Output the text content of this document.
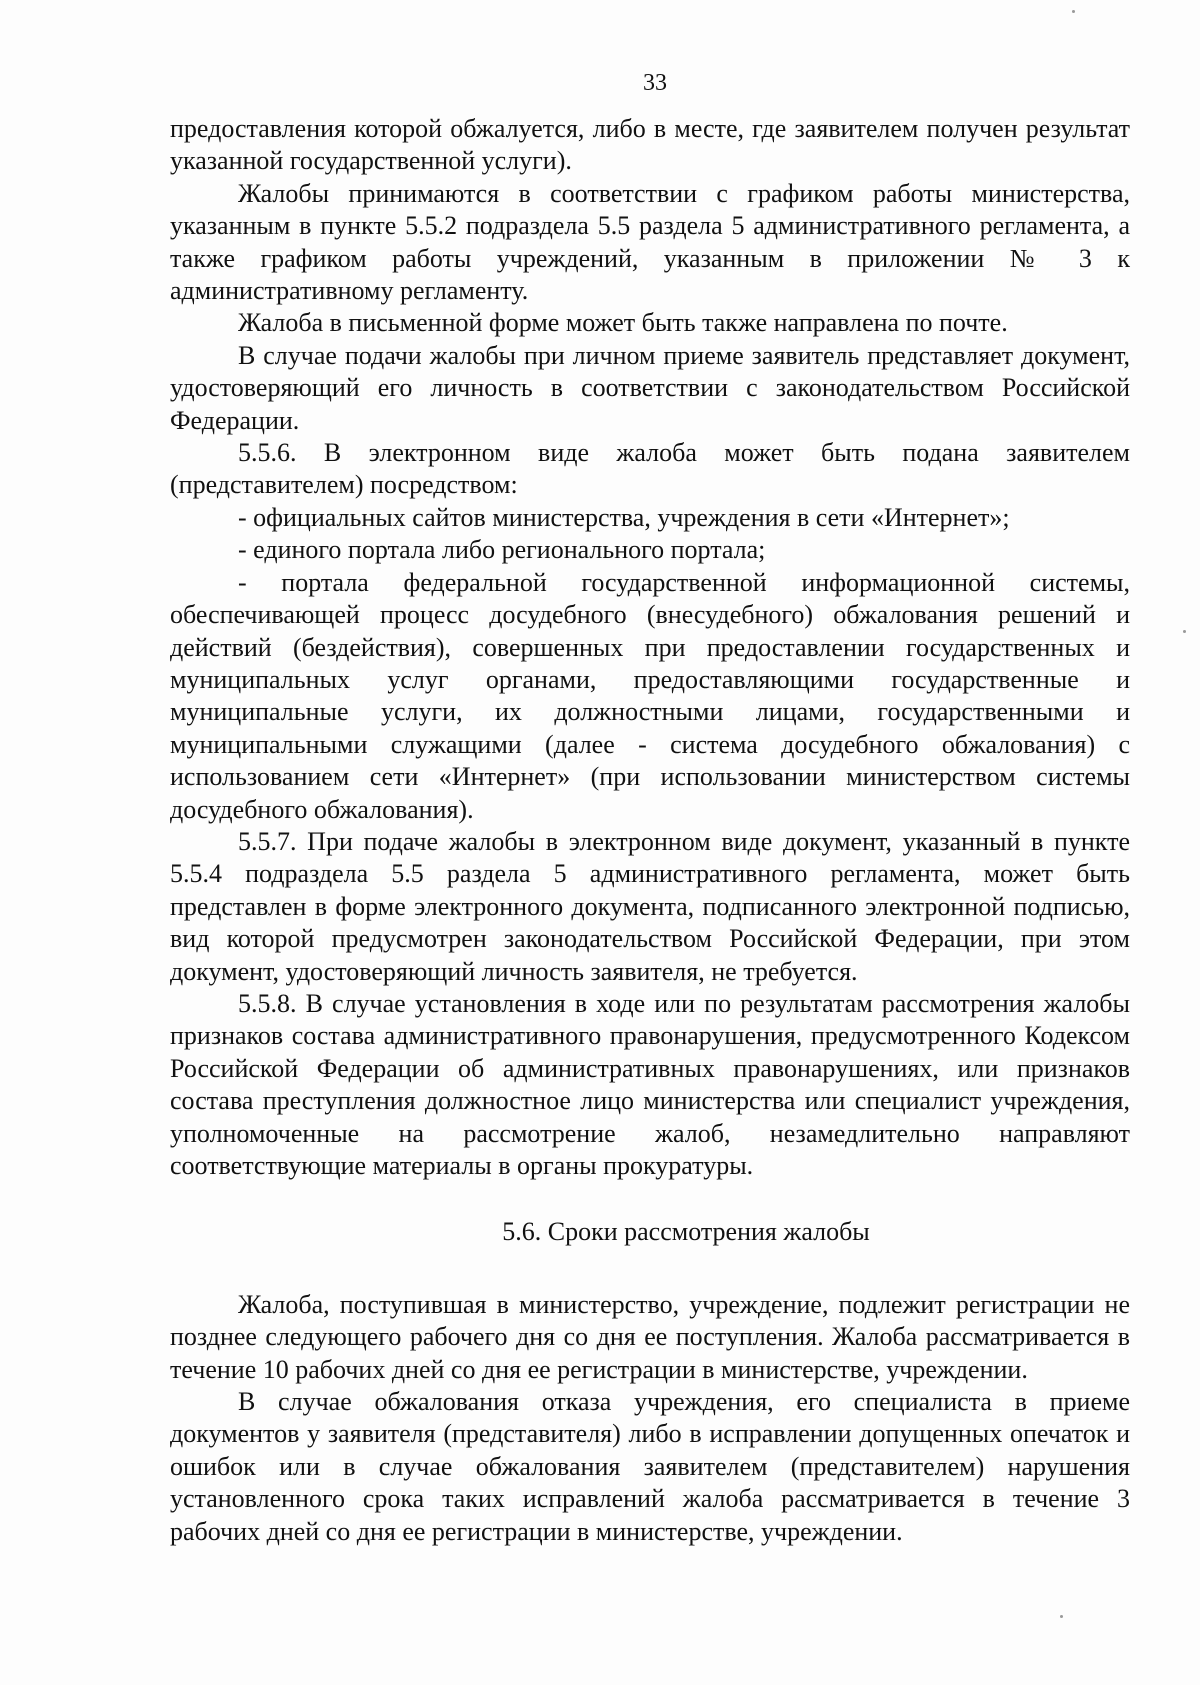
33

предоставления которой обжалуется, либо в месте, где заявителем получен результат указанной государственной услуги).

Жалобы принимаются в соответствии с графиком работы министерства, указанным в пункте 5.5.2 подраздела 5.5 раздела 5 административного регламента, а также графиком работы учреждений, указанным в приложении № 3 к административному регламенту.

Жалоба в письменной форме может быть также направлена по почте.

В случае подачи жалобы при личном приеме заявитель представляет документ, удостоверяющий его личность в соответствии с законодательством Российской Федерации.

5.5.6. В электронном виде жалоба может быть подана заявителем (представителем) посредством:

- официальных сайтов министерства, учреждения в сети «Интернет»;

- единого портала либо регионального портала;

- портала федеральной государственной информационной системы, обеспечивающей процесс досудебного (внесудебного) обжалования решений и действий (бездействия), совершенных при предоставлении государственных и муниципальных услуг органами, предоставляющими государственные и муниципальные услуги, их должностными лицами, государственными и муниципальными служащими (далее - система досудебного обжалования) с использованием сети «Интернет» (при использовании министерством системы досудебного обжалования).

5.5.7. При подаче жалобы в электронном виде документ, указанный в пункте 5.5.4 подраздела 5.5 раздела 5 административного регламента, может быть представлен в форме электронного документа, подписанного электронной подписью, вид которой предусмотрен законодательством Российской Федерации, при этом документ, удостоверяющий личность заявителя, не требуется.

5.5.8. В случае установления в ходе или по результатам рассмотрения жалобы признаков состава административного правонарушения, предусмотренного Кодексом Российской Федерации об административных правонарушениях, или признаков состава преступления должностное лицо министерства или специалист учреждения, уполномоченные на рассмотрение жалоб, незамедлительно направляют соответствующие материалы в органы прокуратуры.

5.6. Сроки рассмотрения жалобы

Жалоба, поступившая в министерство, учреждение, подлежит регистрации не позднее следующего рабочего дня со дня ее поступления. Жалоба рассматривается в течение 10 рабочих дней со дня ее регистрации в министерстве, учреждении.

В случае обжалования отказа учреждения, его специалиста в приеме документов у заявителя (представителя) либо в исправлении допущенных опечаток и ошибок или в случае обжалования заявителем (представителем) нарушения установленного срока таких исправлений жалоба рассматривается в течение 3 рабочих дней со дня ее регистрации в министерстве, учреждении.
